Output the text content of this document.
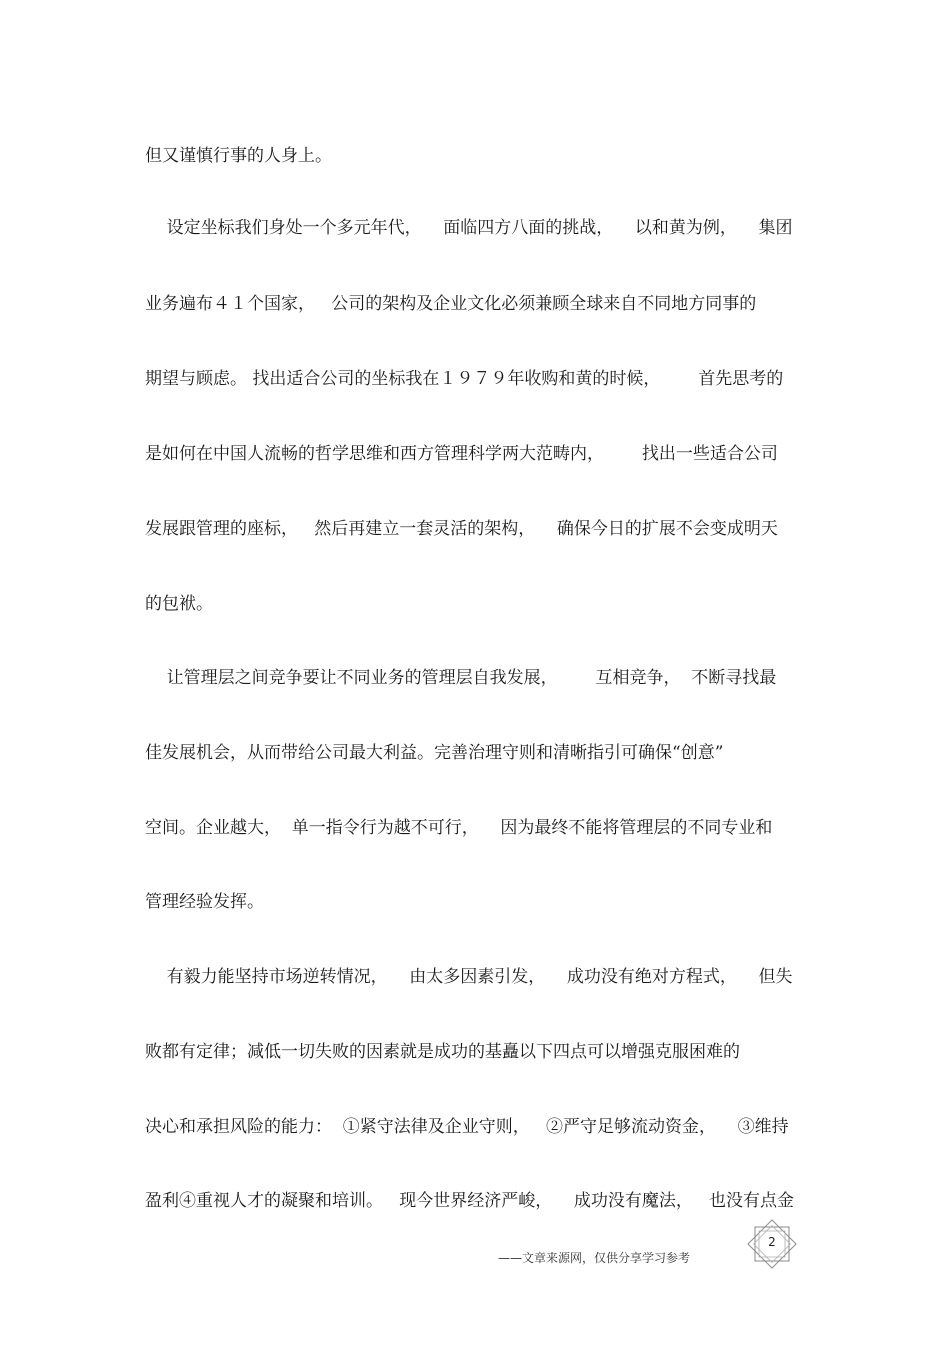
但又谨慎行事的人身上。
设定坐标我们身处一个多元年代，    面临四方八面的挑战，    以和黄为例，    集团
业务遍布４１个国家，   公司的架构及企业文化必须兼顾全球来自不同地方同事的
期望与顾虑。 找出适合公司的坐标我在１９７９年收购和黄的时候，       首先思考的
是如何在中国人流畅的哲学思维和西方管理科学两大范畴内，       找出一些适合公司
发展跟管理的座标，   然后再建立一套灵活的架构，    确保今日的扩展不会变成明天
的包袱。
让管理层之间竞争要让不同业务的管理层自我发展，       互相竞争，  不断寻找最
佳发展机会，从而带给公司最大利益。完善治理守则和清晰指引可确保“创意”
空间。企业越大，  单一指令行为越不可行，    因为最终不能将管理层的不同专业和
管理经验发挥。
有毅力能坚持市场逆转情况，    由太多因素引发，    成功没有绝对方程式，    但失
败都有定律；减低一切失败的因素就是成功的基矗以下四点可以增强克服困难的
决心和承担风险的能力：  ①紧守法律及企业守则，   ②严守足够流动资金，    ③维持
盈利④重视人才的凝聚和培训。   现今世界经济严峻，    成功没有魔法，   也没有点金
2
——文章来源网，仅供分享学习参考
